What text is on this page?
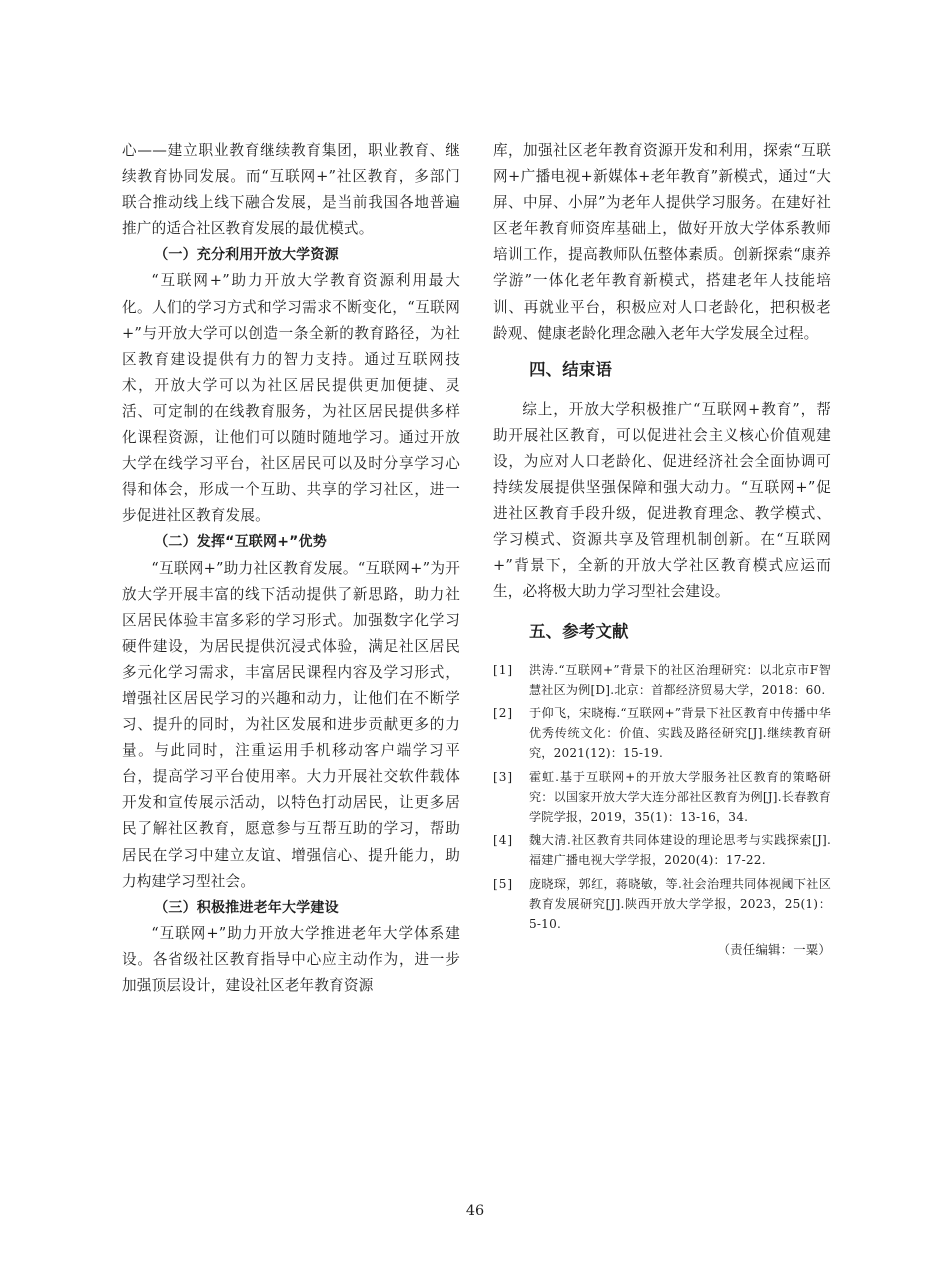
心——建立职业教育继续教育集团，职业教育、继续教育协同发展。而“互联网+”社区教育，多部门联合推动线上线下融合发展，是当前我国各地普遍推广的适合社区教育发展的最优模式。

（一）充分利用开放大学资源

“互联网+”助力开放大学教育资源利用最大化。人们的学习方式和学习需求不断变化，“互联网+”与开放大学可以创造一条全新的教育路径，为社区教育建设提供有力的智力支持。通过互联网技术，开放大学可以为社区居民提供更加便捷、灵活、可定制的在线教育服务，为社区居民提供多样化课程资源，让他们可以随时随地学习。通过开放大学在线学习平台，社区居民可以及时分享学习心得和体会，形成一个互助、共享的学习社区，进一步促进社区教育发展。

（二）发挥“互联网+”优势

“互联网+”助力社区教育发展。“互联网+”为开放大学开展丰富的线下活动提供了新思路，助力社区居民体验丰富多彩的学习形式。加强数字化学习硬件建设，为居民提供沉浸式体验，满足社区居民多元化学习需求，丰富居民课程内容及学习形式，增强社区居民学习的兴趣和动力，让他们在不断学习、提升的同时，为社区发展和进步贡献更多的力量。与此同时，注重运用手机移动客户端学习平台，提高学习平台使用率。大力开展社交软件载体开发和宣传展示活动，以特色打动居民，让更多居民了解社区教育，愿意参与互帮互助的学习，帮助居民在学习中建立友谊、增强信心、提升能力，助力构建学习型社会。

（三）积极推进老年大学建设

“互联网+”助力开放大学推进老年大学体系建设。各省级社区教育指导中心应主动作为，进一步加强顶层设计，建设社区老年教育资源

库，加强社区老年教育资源开发和利用，探索“互联网+广播电视+新媒体+老年教育”新模式，通过“大屏、中屏、小屏”为老年人提供学习服务。在建好社区老年教育师资库基础上，做好开放大学体系教师培训工作，提高教师队伍整体素质。创新探索“康养学游”一体化老年教育新模式，搭建老年人技能培训、再就业平台，积极应对人口老龄化，把积极老龄观、健康老龄化理念融入老年大学发展全过程。

四、结束语

综上，开放大学积极推广“互联网+教育”，帮助开展社区教育，可以促进社会主义核心价值观建设，为应对人口老龄化、促进经济社会全面协调可持续发展提供坚强保障和强大动力。“互联网+”促进社区教育手段升级，促进教育理念、教学模式、学习模式、资源共享及管理机制创新。在“互联网+”背景下，全新的开放大学社区教育模式应运而生，必将极大助力学习型社会建设。

五、参考文献

[1]	洪涛.“互联网+”背景下的社区治理研究：以北京市F智慧社区为例[D].北京：首都经济贸易大学，2018：60.
[2]	于仰飞，宋晓梅.“互联网+”背景下社区教育中传播中华优秀传统文化：价值、实践及路径研究[J].继续教育研究，2021(12)：15-19.
[3]	霍虹.基于互联网+的开放大学服务社区教育的策略研究：以国家开放大学大连分部社区教育为例[J].长春教育学院学报，2019，35(1)：13-16，34.
[4]	魏大清.社区教育共同体建设的理论思考与实践探索[J].福建广播电视大学学报，2020(4)：17-22.
[5]	庞晓琛，郭红，蒋晓敏，等.社会治理共同体视阈下社区教育发展研究[J].陕西开放大学学报，2023，25(1)：5-10.

（责任编辑：一粟）

46
